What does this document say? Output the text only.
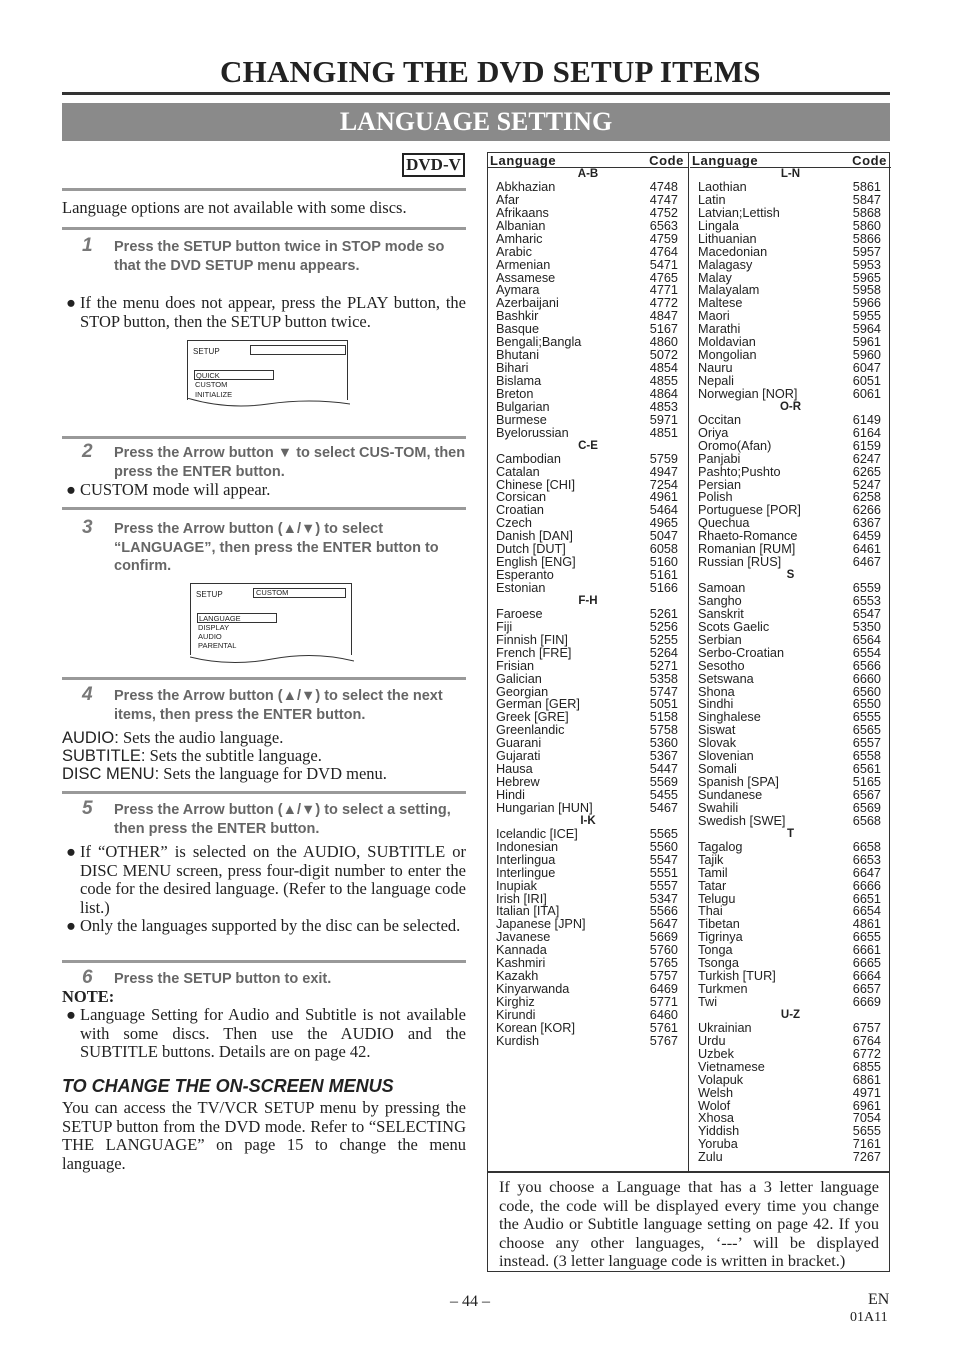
CHANGING THE DVD SETUP ITEMS
LANGUAGE SETTING
DVD-V
Language options are not available with some discs.
1 Press the SETUP button twice in STOP mode so that the DVD SETUP menu appears.
● If the menu does not appear, press the PLAY button, the STOP button, then the SETUP button twice.
SETUP
QUICK
CUSTOM
INITIALIZE
2 Press the Arrow button ▼ to select CUS-TOM, then press the ENTER button.
● CUSTOM mode will appear.
3 Press the Arrow button (▲/▼) to select “LANGUAGE”, then press the ENTER button to confirm.
SETUP	CUSTOM
LANGUAGE
DISPLAY
AUDIO
PARENTAL
4 Press the Arrow button (▲/▼) to select the next items, then press the ENTER button.
AUDIO: Sets the audio language.
SUBTITLE: Sets the subtitle language.
DISC MENU: Sets the language for DVD menu.
5 Press the Arrow button (▲/▼) to select a setting, then press the ENTER button.
● If “OTHER” is selected on the AUDIO, SUBTITLE or DISC MENU screen, press four-digit number to enter the code for the desired language. (Refer to the language code list.)
● Only the languages supported by the disc can be selected.
6 Press the SETUP button to exit.
NOTE:
● Language Setting for Audio and Subtitle is not available with some discs. Then use the AUDIO and the SUBTITLE buttons. Details are on page 42.
TO CHANGE THE ON-SCREEN MENUS
You can access the TV/VCR SETUP menu by pressing the SETUP button from the DVD mode. Refer to “SELECTING THE LANGUAGE” on page 15 to change the menu language.
Language	Code
A-B
Abkhazian	4748
Afar	4747
Afrikaans	4752
Albanian	6563
Amharic	4759
Arabic	4764
Armenian	5471
Assamese	4765
Aymara	4771
Azerbaijani	4772
Bashkir	4847
Basque	5167
Bengali;Bangla	4860
Bhutani	5072
Bihari	4854
Bislama	4855
Breton	4864
Bulgarian	4853
Burmese	5971
Byelorussian	4851
C-E
Cambodian	5759
Catalan	4947
Chinese [CHI]	7254
Corsican	4961
Croatian	5464
Czech	4965
Danish [DAN]	5047
Dutch [DUT]	6058
English [ENG]	5160
Esperanto	5161
Estonian	5166
F-H
Faroese	5261
Fiji	5256
Finnish [FIN]	5255
French [FRE]	5264
Frisian	5271
Galician	5358
Georgian	5747
German [GER]	5051
Greek [GRE]	5158
Greenlandic	5758
Guarani	5360
Gujarati	5367
Hausa	5447
Hebrew	5569
Hindi	5455
Hungarian [HUN]	5467
I-K
Icelandic [ICE]	5565
Indonesian	5560
Interlingua	5547
Interlingue	5551
Inupiak	5557
Irish [IRI]	5347
Italian [ITA]	5566
Japanese [JPN]	5647
Javanese	5669
Kannada	5760
Kashmiri	5765
Kazakh	5757
Kinyarwanda	6469
Kirghiz	5771
Kirundi	6460
Korean [KOR]	5761
Kurdish	5767
Language	Code
L-N
Laothian	5861
Latin	5847
Latvian;Lettish	5868
Lingala	5860
Lithuanian	5866
Macedonian	5957
Malagasy	5953
Malay	5965
Malayalam	5958
Maltese	5966
Maori	5955
Marathi	5964
Moldavian	5961
Mongolian	5960
Nauru	6047
Nepali	6051
Norwegian [NOR]	6061
O-R
Occitan	6149
Oriya	6164
Oromo(Afan)	6159
Panjabi	6247
Pashto;Pushto	6265
Persian	5247
Polish	6258
Portuguese [POR]	6266
Quechua	6367
Rhaeto-Romance	6459
Romanian [RUM]	6461
Russian [RUS]	6467
S
Samoan	6559
Sangho	6553
Sanskrit	6547
Scots Gaelic	5350
Serbian	6564
Serbo-Croatian	6554
Sesotho	6566
Setswana	6660
Shona	6560
Sindhi	6550
Singhalese	6555
Siswat	6565
Slovak	6557
Slovenian	6558
Somali	6561
Spanish [SPA]	5165
Sundanese	6567
Swahili	6569
Swedish [SWE]	6568
T
Tagalog	6658
Tajik	6653
Tamil	6647
Tatar	6666
Telugu	6651
Thai	6654
Tibetan	4861
Tigrinya	6655
Tonga	6661
Tsonga	6665
Turkish [TUR]	6664
Turkmen	6657
Twi	6669
U-Z
Ukrainian	6757
Urdu	6764
Uzbek	6772
Vietnamese	6855
Volapuk	6861
Welsh	4971
Wolof	6961
Xhosa	7054
Yiddish	5655
Yoruba	7161
Zulu	7267
If you choose a Language that has a 3 letter language code, the code will be displayed every time you change the Audio or Subtitle language setting on page 42. If you choose any other languages, ‘---’ will be displayed instead. (3 letter language code is written in bracket.)
– 44 –	EN
01A11
